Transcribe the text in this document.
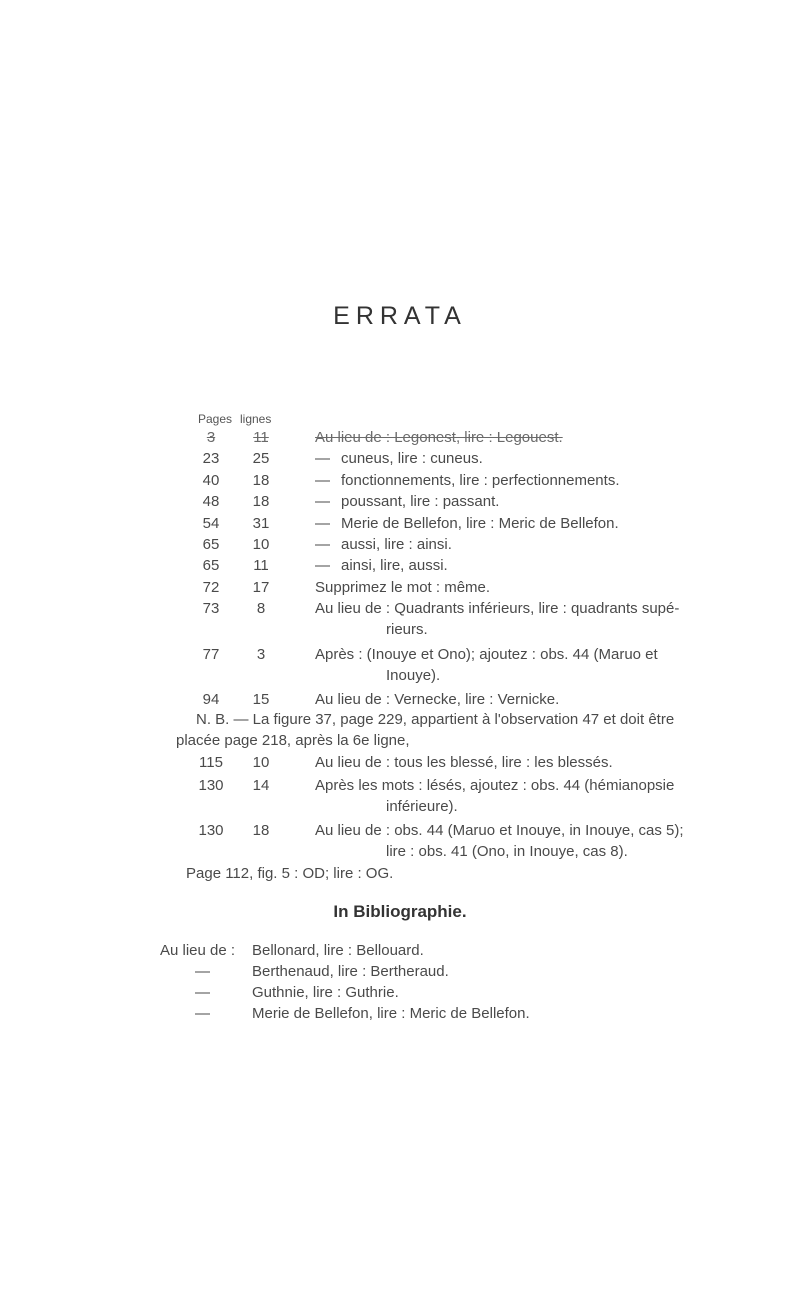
ERRATA
Pages lignes
3	11	Au lieu de : Legonest, lire : Legouest.
23	25	— cuneus, lire : cuneus.
40	18	— fonctionnements, lire : perfectionnements.
48	18	— poussant, lire : passant.
54	31	— Merie de Bellefon, lire : Meric de Bellefon.
65	10	— aussi, lire : ainsi.
65	11	— ainsi, lire, aussi.
72	17	Supprimez le mot : même.
73	8	Au lieu de : Quadrants inférieurs, lire : quadrants supé-
rieurs.
77	3	Après : (Inouye et Ono); ajoutez : obs. 44 (Maruo et
Inouye).
94	15	Au lieu de : Vernecke, lire : Vernicke.
N. B. — La figure 37, page 229, appartient à l'observation 47 et doit être
placée page 218, après la 6e ligne,
115	10	Au lieu de : tous les blessé, lire : les blessés.
130	14	Après les mots : lésés, ajoutez : obs. 44 (hémianopsie
inférieure).
130	18	Au lieu de : obs. 44 (Maruo et Inouye, in Inouye, cas 5);
lire : obs. 41 (Ono, in Inouye, cas 8).
Page 112, fig. 5 : OD; lire : OG.
In Bibliographie.
Au lieu de : Bellonard, lire : Bellouard.
—	Berthenaud, lire : Bertheraud.
—	Guthnie, lire : Guthrie.
—	Merie de Bellefon, lire : Meric de Bellefon.
